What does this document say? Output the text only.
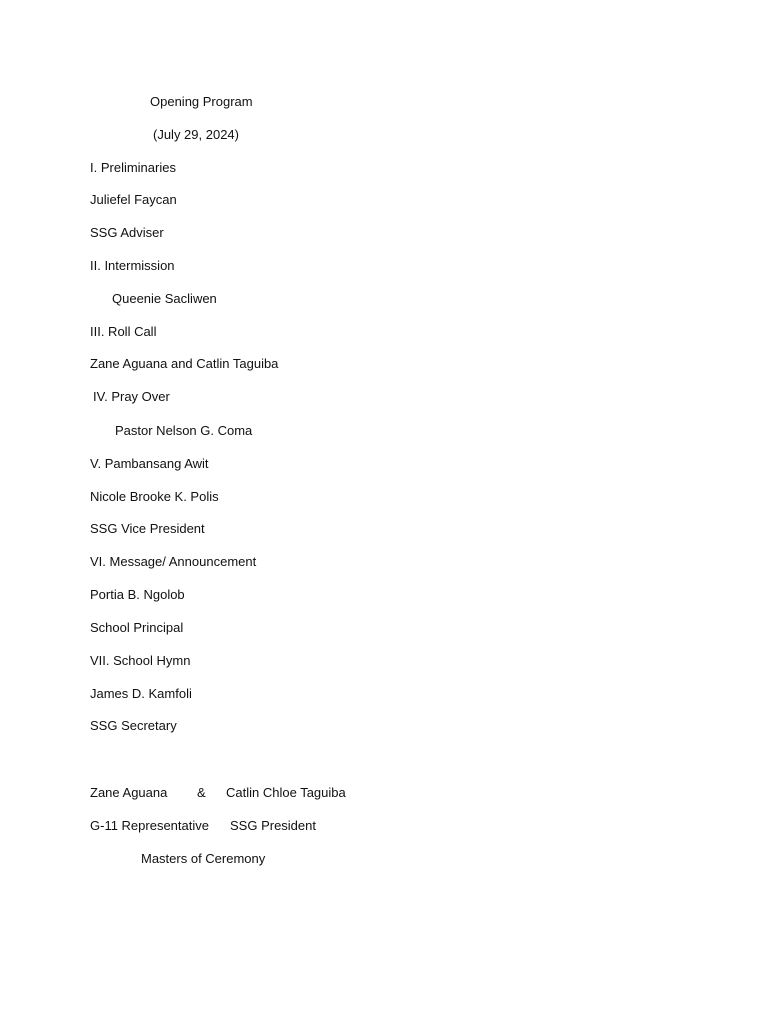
Opening Program
(July 29, 2024)
I. Preliminaries
Juliefel Faycan
SSG Adviser
II. Intermission
Queenie Sacliwen
III. Roll Call
Zane Aguana and Catlin Taguiba
IV. Pray Over
Pastor Nelson G. Coma
V. Pambansang Awit
Nicole Brooke K. Polis
SSG Vice President
VI. Message/ Announcement
Portia B. Ngolob
School Principal
VII. School Hymn
James D. Kamfoli
SSG Secretary
Zane Aguana & Catlin Chloe Taguiba
G-11 Representative SSG President
Masters of Ceremony
